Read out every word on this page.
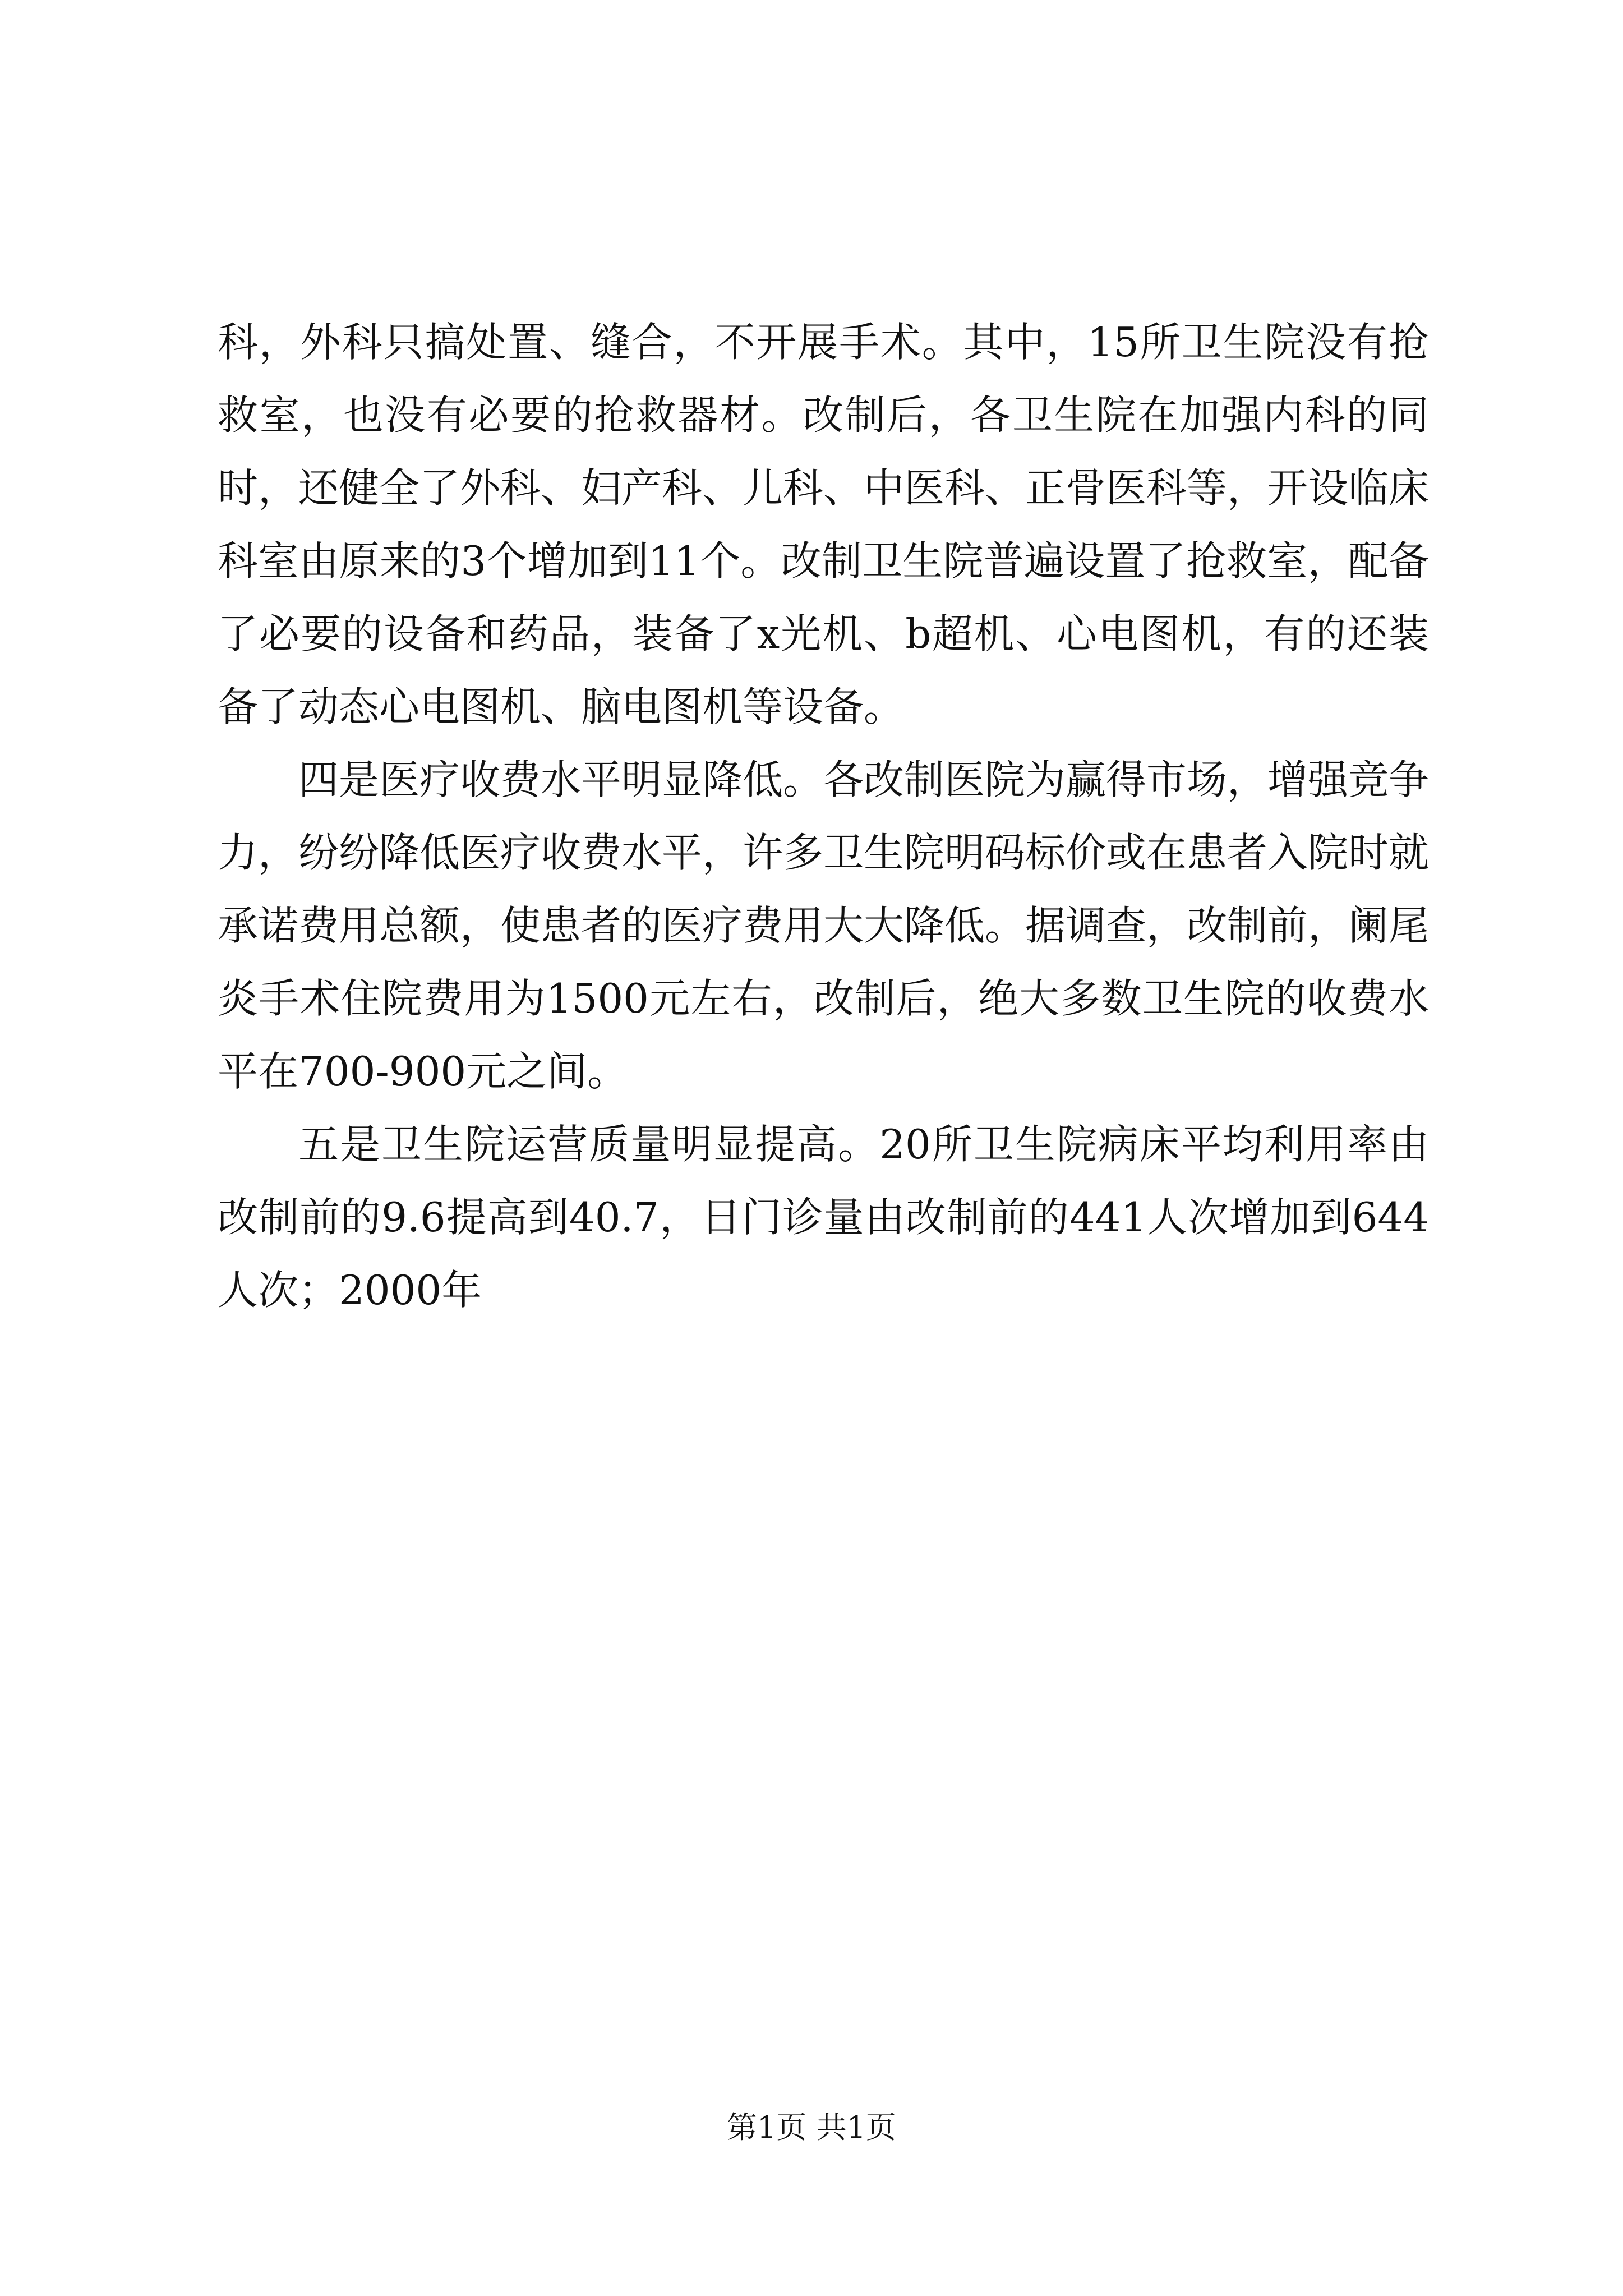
科，外科只搞处置、缝合，不开展手术。其中，15所卫生院没有抢救室，也没有必要的抢救器材。改制后，各卫生院在加强内科的同时，还健全了外科、妇产科、儿科、中医科、正骨医科等，开设临床科室由原来的3个增加到11个。改制卫生院普遍设置了抢救室，配备了必要的设备和药品，装备了x光机、b超机、心电图机，有的还装备了动态心电图机、脑电图机等设备。

四是医疗收费水平明显降低。各改制医院为赢得市场，增强竞争力，纷纷降低医疗收费水平，许多卫生院明码标价或在患者入院时就承诺费用总额，使患者的医疗费用大大降低。据调查，改制前，阑尾炎手术住院费用为1500元左右，改制后，绝大多数卫生院的收费水平在700-900元之间。

五是卫生院运营质量明显提高。20所卫生院病床平均利用率由改制前的9.6提高到40.7，日门诊量由改制前的441人次增加到644人次；2000年

第1页 共1页
